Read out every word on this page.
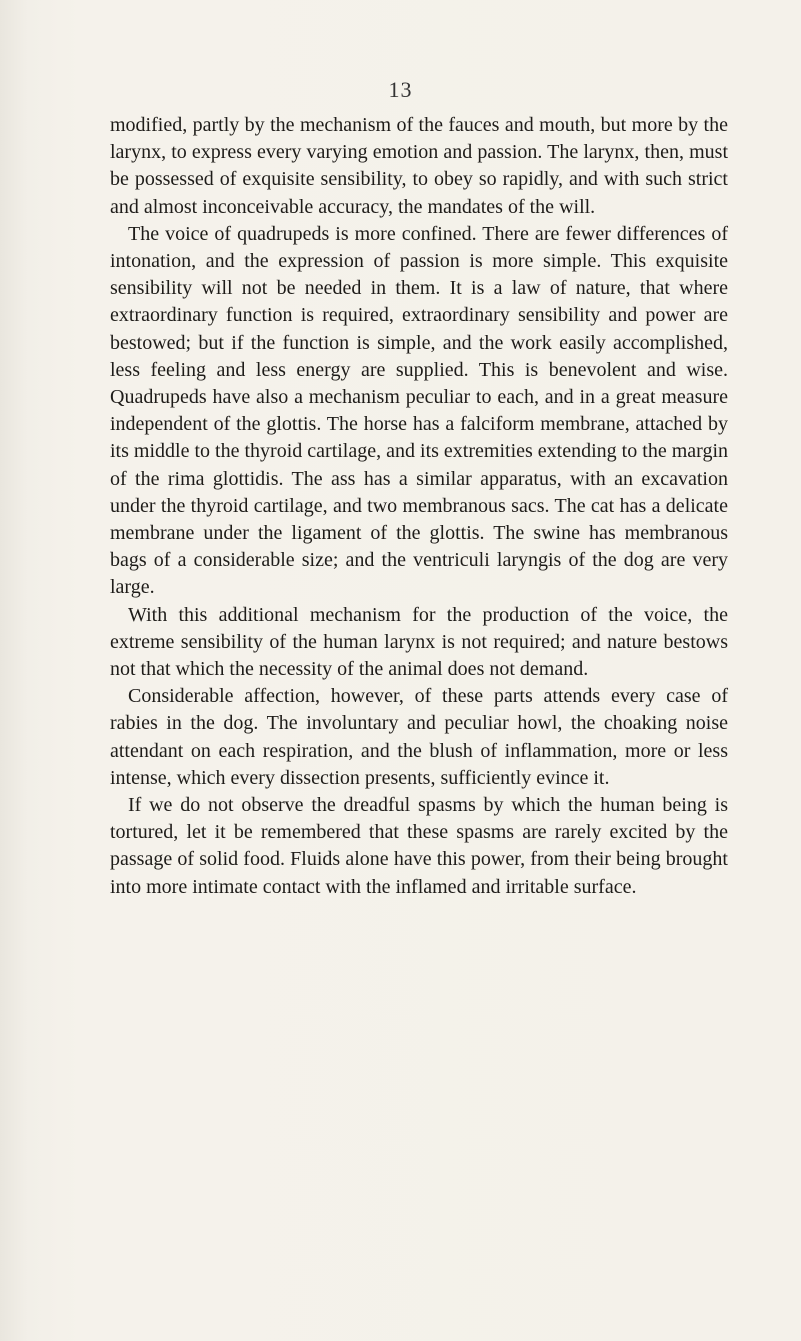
13

modified, partly by the mechanism of the fauces and mouth, but more by the larynx, to express every varying emotion and passion. The larynx, then, must be possessed of exquisite sensibility, to obey so rapidly, and with such strict and almost inconceivable accuracy, the mandates of the will.

The voice of quadrupeds is more confined. There are fewer differences of intonation, and the expression of passion is more simple. This exquisite sensibility will not be needed in them. It is a law of nature, that where extraordinary function is required, extraordinary sensibility and power are bestowed; but if the function is simple, and the work easily accomplished, less feeling and less energy are supplied. This is benevolent and wise. Quadrupeds have also a mechanism peculiar to each, and in a great measure independent of the glottis. The horse has a falciform membrane, attached by its middle to the thyroid cartilage, and its extremities extending to the margin of the rima glottidis. The ass has a similar apparatus, with an excavation under the thyroid cartilage, and two membranous sacs. The cat has a delicate membrane under the ligament of the glottis. The swine has membranous bags of a considerable size; and the ventriculi laryngis of the dog are very large.

With this additional mechanism for the production of the voice, the extreme sensibility of the human larynx is not required; and nature bestows not that which the necessity of the animal does not demand.

Considerable affection, however, of these parts attends every case of rabies in the dog. The involuntary and peculiar howl, the choaking noise attendant on each respiration, and the blush of inflammation, more or less intense, which every dissection presents, sufficiently evince it.

If we do not observe the dreadful spasms by which the human being is tortured, let it be remembered that these spasms are rarely excited by the passage of solid food. Fluids alone have this power, from their being brought into more intimate contact with the inflamed and irritable surface.
